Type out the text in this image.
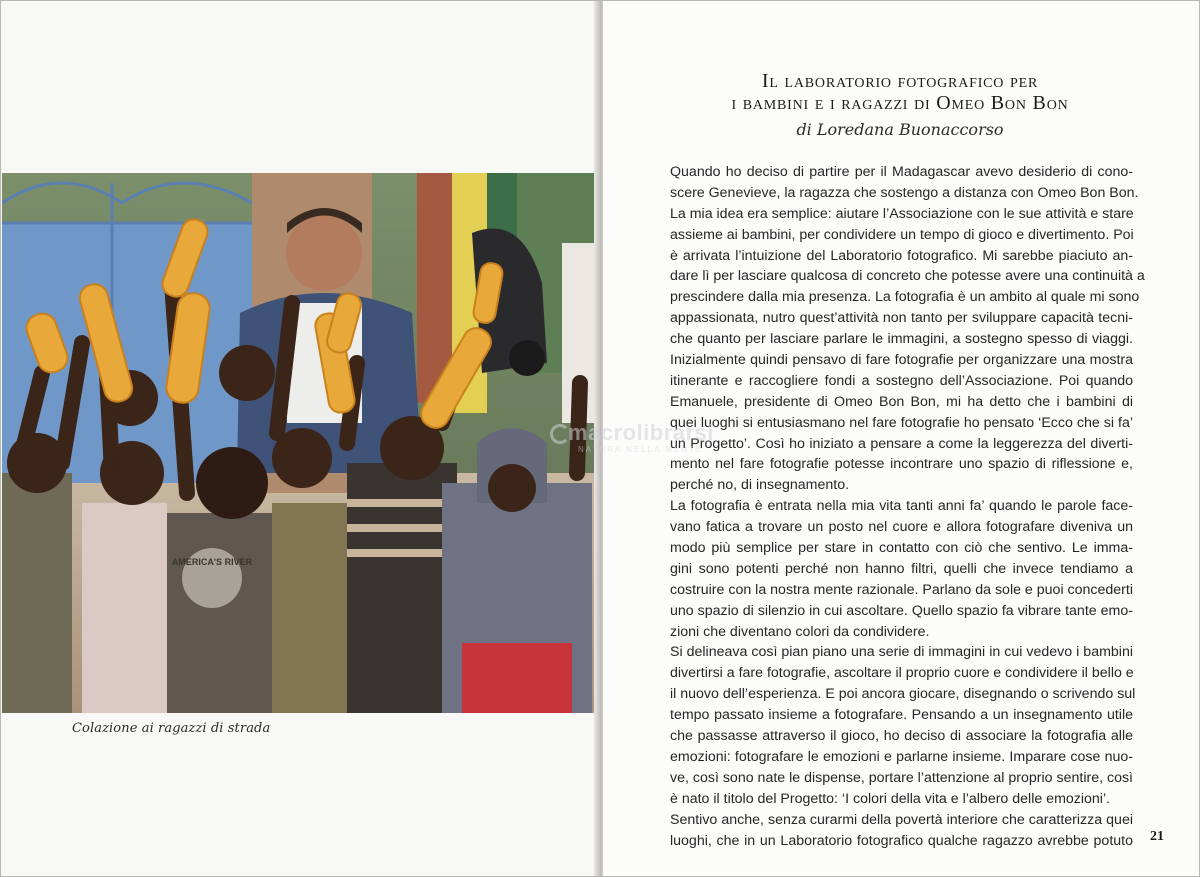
AMERICA'S RIVER
Colazione ai ragazzi di strada
Il laboratorio fotografico per
i bambini e i ragazzi di Omeo Bon Bon
di Loredana Buonaccorso
Quando ho deciso di partire per il Madagascar avevo desiderio di cono-
scere Genevieve, la ragazza che sostengo a distanza con Omeo Bon Bon.
La mia idea era semplice: aiutare l’Associazione con le sue attività e stare
assieme ai bambini, per condividere un tempo di gioco e divertimento. Poi
è arrivata l’intuizione del Laboratorio fotografico. Mi sarebbe piaciuto an-
dare lì per lasciare qualcosa di concreto che potesse avere una continuità a
prescindere dalla mia presenza. La fotografia è un ambito al quale mi sono
appassionata, nutro quest’attività non tanto per sviluppare capacità tecni-
che quanto per lasciare parlare le immagini, a sostegno spesso di viaggi.
Inizialmente quindi pensavo di fare fotografie per organizzare una mostra
itinerante e raccogliere fondi a sostegno dell’Associazione. Poi quando
Emanuele, presidente di Omeo Bon Bon, mi ha detto che i bambini di
quei luoghi si entusiasmano nel fare fotografie ho pensato ‘Ecco che si fa’
un Progetto’. Così ho iniziato a pensare a come la leggerezza del diverti-
mento nel fare fotografie potesse incontrare uno spazio di riflessione e,
perché no, di insegnamento.
La fotografia è entrata nella mia vita tanti anni fa’ quando le parole face-
vano fatica a trovare un posto nel cuore e allora fotografare diveniva un
modo più semplice per stare in contatto con ciò che sentivo. Le imma-
gini sono potenti perché non hanno filtri, quelli che invece tendiamo a
costruire con la nostra mente razionale. Parlano da sole e puoi concederti
uno spazio di silenzio in cui ascoltare. Quello spazio fa vibrare tante emo-
zioni che diventano colori da condividere.
Si delineava così pian piano una serie di immagini in cui vedevo i bambini
divertirsi a fare fotografie, ascoltare il proprio cuore e condividere il bello e
il nuovo dell’esperienza. E poi ancora giocare, disegnando o scrivendo sul
tempo passato insieme a fotografare. Pensando a un insegnamento utile
che passasse attraverso il gioco, ho deciso di associare la fotografia alle
emozioni: fotografare le emozioni e parlarne insieme. Imparare cose nuo-
ve, così sono nate le dispense, portare l’attenzione al proprio sentire, così
è nato il titolo del Progetto: ‘I colori della vita e l’albero delle emozioni’.
Sentivo anche, senza curarmi della povertà interiore che caratterizza quei
luoghi, che in un Laboratorio fotografico qualche ragazzo avrebbe potuto 21
macrolibrarsi
NATURA NELLA MENTE
